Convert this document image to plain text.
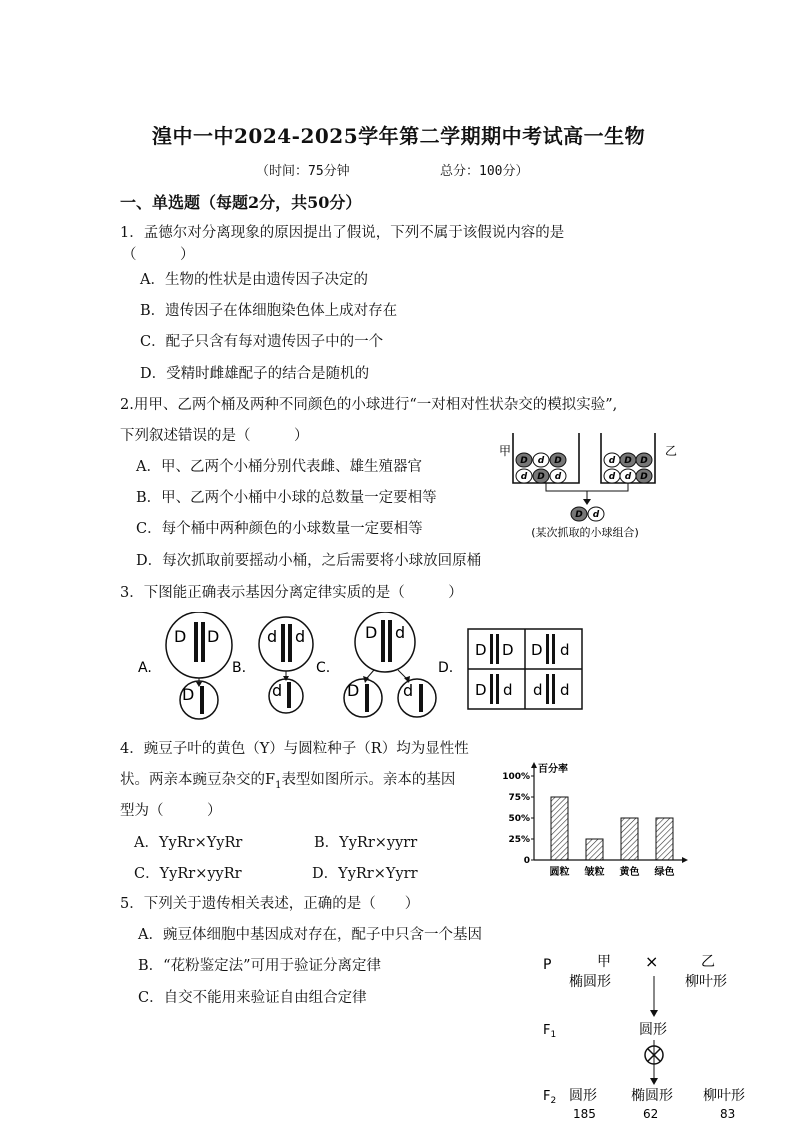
湟中一中2024-2025学年第二学期期中考试高一生物
（时间：75分钟	总分：100分）
一、单选题（每题2分，共50分）
1．孟德尔对分离现象的原因提出了假说，下列不属于该假说内容的是
（　　　）
A．生物的性状是由遗传因子决定的
B．遗传因子在体细胞染色体上成对存在
C．配子只含有每对遗传因子中的一个
D．受精时雌雄配子的结合是随机的
2.用甲、乙两个桶及两种不同颜色的小球进行“一对相对性状杂交的模拟实验”,
下列叙述错误的是（　　　）
A．甲、乙两个小桶分别代表雌、雄生殖器官
B．甲、乙两个小桶中小球的总数量一定要相等
C．每个桶中两种颜色的小球数量一定要相等
D．每次抓取前要摇动小桶，之后需要将小球放回原桶
甲	乙
D d D
d D d
d D D
d d D
D d
(某次抓取的小球组合)
3．下图能正确表示基因分离定律实质的是（　　　）
A.	B.	C.	D.
D D
D
d d
d
D d
D	d
D D D d
D d d d
4．豌豆子叶的黄色（Y）与圆粒种子（R）均为显性性
状。两亲本豌豆杂交的$F_1$表型如图所示。亲本的基因
型为（　　　）
A．YyRr×YyRr	B．YyRr×yyrr
C．YyRr×yyRr	D．YyRr×Yyrr
百分率
0
25%
50%
75%
100%
圆粒 皱粒 黄色 绿色
5．下列关于遗传相关表述，正确的是（　　）
A．豌豆体细胞中基因成对存在，配子中只含一个基因
B．“花粉鉴定法”可用于验证分离定律
C．自交不能用来验证自由组合定律
P	甲 ×	乙
椭圆形	柳叶形
$F_1$	圆形
$F_2$ 圆形 椭圆形 柳叶形
185	62	83
